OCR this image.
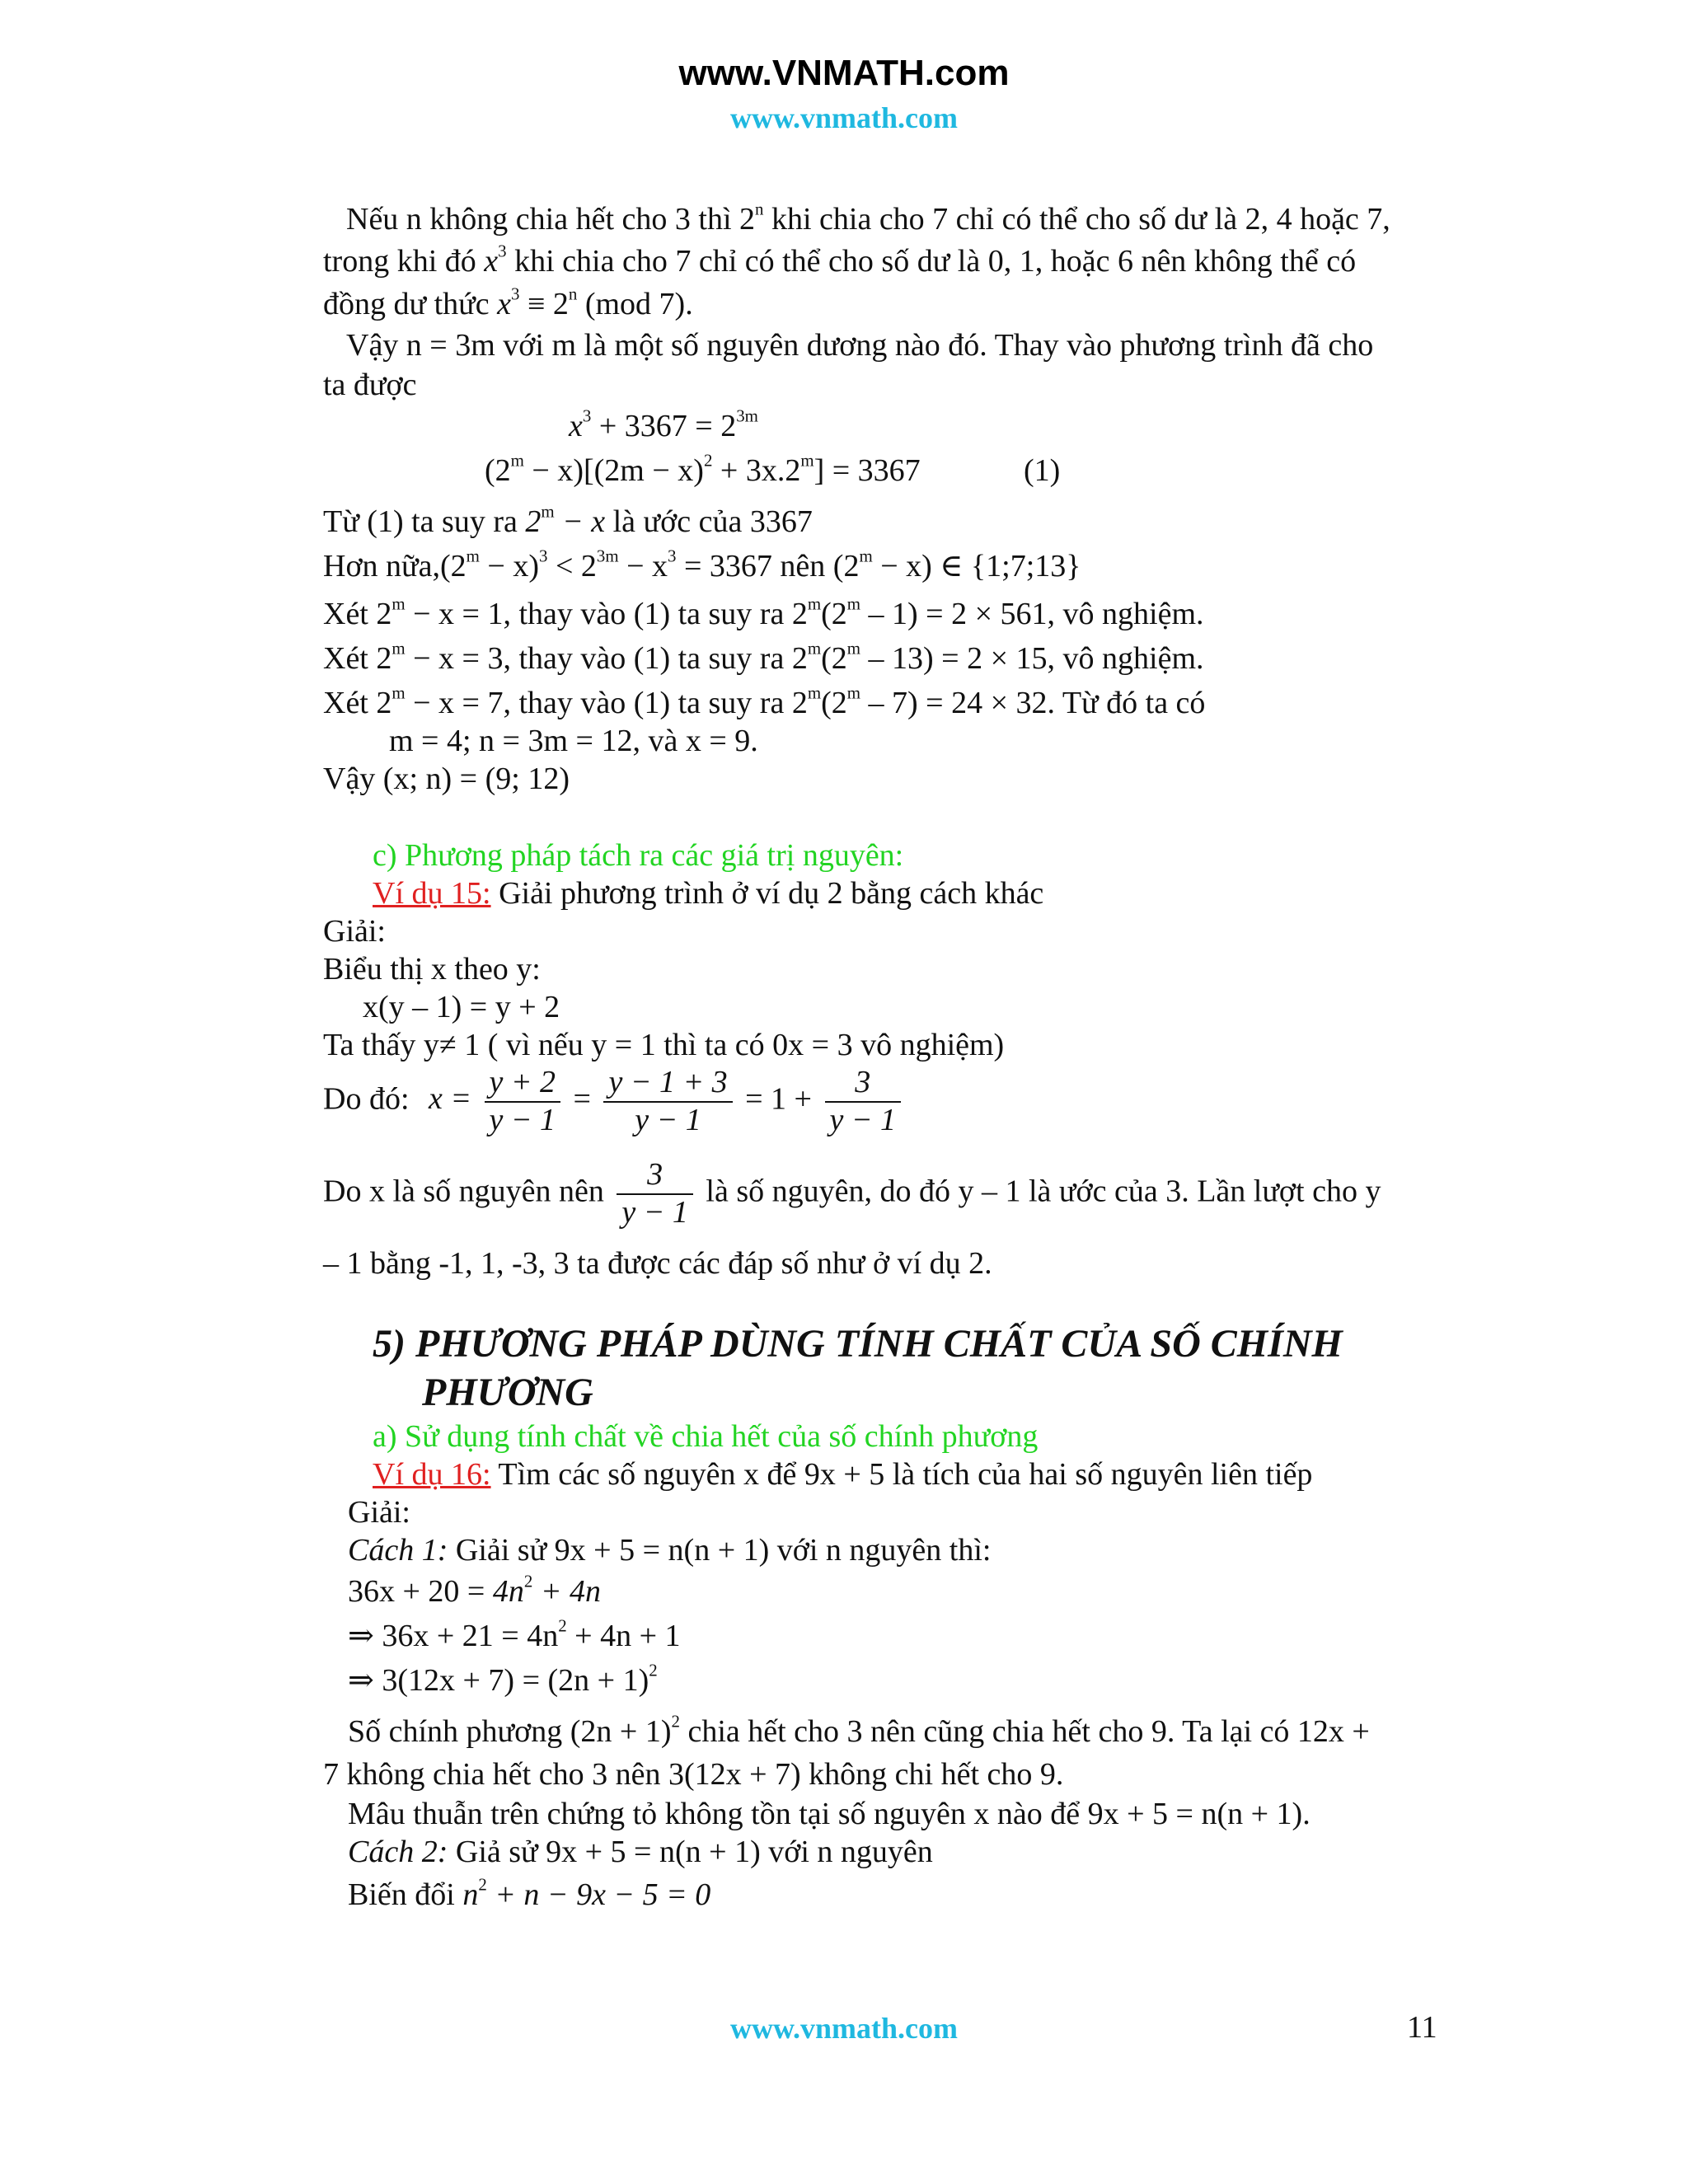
www.VNMATH.com
www.vnmath.com
Nếu n không chia hết cho 3 thì 2$^n$ khi chia cho 7 chỉ có thể cho số dư là 2, 4 hoặc 7,
trong khi đó $x^3$ khi chia cho 7 chỉ có thể cho số dư là 0, 1, hoặc 6 nên không thể có
đồng dư thức $x^3 \equiv 2^n$ (mod 7).
Vậy n = 3m với m là một số nguyên dương nào đó. Thay vào phương trình đã cho
ta được
$x^3 + 3367 = 2^{3m}$
$(2^m - x)[(2m - x)^2 + 3x.2^m] = 3367$	(1)
Từ (1) ta suy ra $2^m - x$ là ước của 3367
Hơn $nữa,(2^m - x)^3 < 2^{3m} - x^3 = 3367$ nên $(2^m - x)$ ∈ {1;7;13}
Xét $2^m - x = 1$, thay vào (1) ta suy ra 2$^m$(2$^m$ – 1) = 2 × 561, vô nghiệm.
Xét $2^m - x = 3$, thay vào (1) ta suy ra 2$^m$(2$^m$ – 13) = 2 × 15, vô nghiệm.
Xét $2^m - x = 7$, thay vào (1) ta suy ra 2$^m$(2$^m$ – 7) = 24 × 32. Từ đó ta có
m = 4; n = 3m = 12, và x = 9.
Vậy (x; n) = (9; 12)
c) Phương pháp tách ra các giá trị nguyên:
Ví dụ 15: Giải phương trình ở ví dụ 2 bằng cách khác
Giải:
Biểu thị x theo y:
x(y – 1) = y + 2
Ta thấy y≠ 1 ( vì nếu y = 1 thì ta có 0x = 3 vô nghiệm)
Do đó: $x = \frac{y + 2}{y - 1} = \frac{y - 1 + 3}{y - 1} = 1 + \frac{3}{y - 1}$
Do x là số nguyên nên $\frac{3}{y - 1}$ là số nguyên, do đó y – 1 là ước của 3. Lần lượt cho y
– 1 bằng -1, 1, -3, 3 ta được các đáp số như ở ví dụ 2.
5) PHƯƠNG PHÁP DÙNG TÍNH CHẤT CỦA SỐ CHÍNH
PHƯƠNG
a) Sử dụng tính chất về chia hết của số chính phương
Ví dụ 16: Tìm các số nguyên x để 9x + 5 là tích của hai số nguyên liên tiếp
Giải:
Cách 1: Giải sử 9x + 5 = n(n + 1) với n nguyên thì:
$36x + 20 = 4n^2 + 4n$
⇒ $36x + 21 = 4n^2 + 4n + 1$
⇒ $3(12x + 7) = (2n + 1)^2$
Số chính phương $(2n + 1)^2$ chia hết cho 3 nên cũng chia hết cho 9. Ta lại có 12x +
7 không chia hết cho 3 nên 3(12x + 7) không chi hết cho 9.
Mâu thuẫn trên chứng tỏ không tồn tại số nguyên x nào để 9x + 5 = n(n + 1).
Cách 2: Giả sử 9x + 5 = n(n + 1) với n nguyên
Biến đổi $n^2 + n - 9x - 5 = 0$
www.vnmath.com	11
